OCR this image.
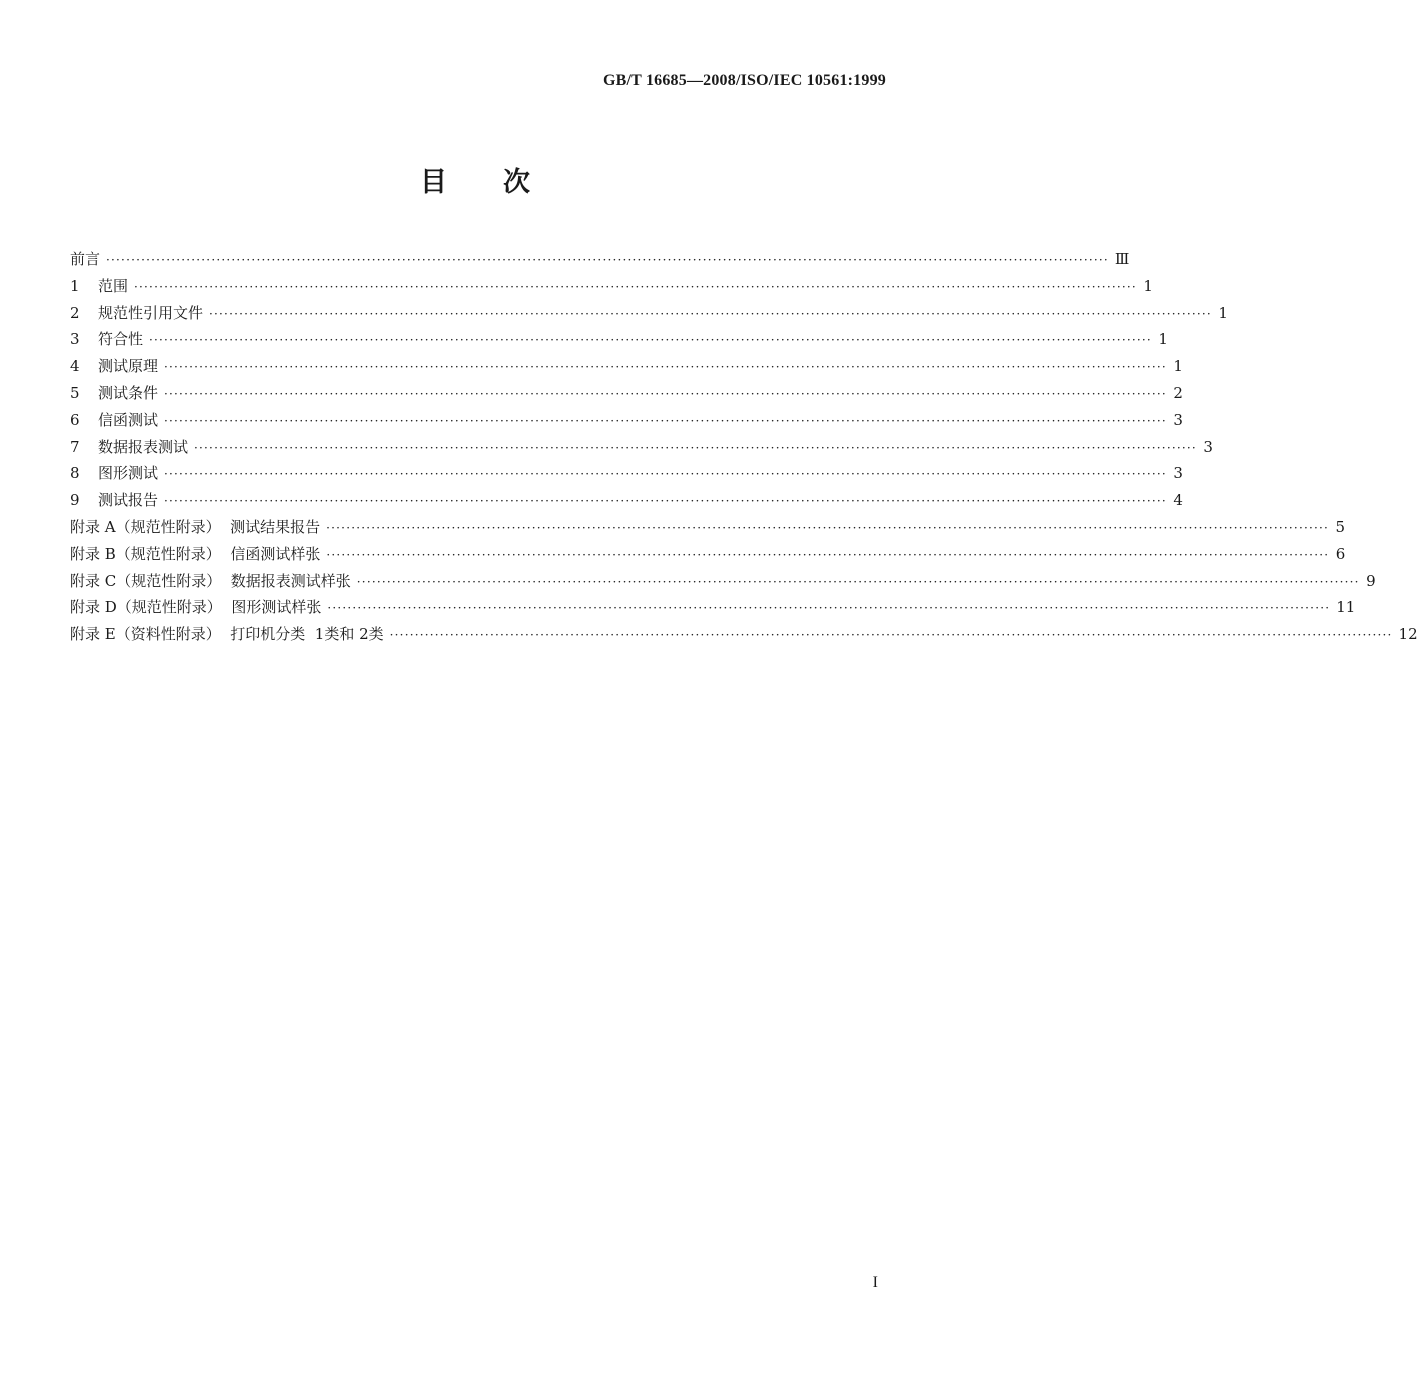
GB/T 16685—2008/ISO/IEC 10561:1999
目次
前言 ········································································································································································································ Ⅲ
1 范围 ········································································································································································································ 1
2 规范性引用文件 ········································································································································································································ 1
3 符合性 ········································································································································································································ 1
4 测试原理 ········································································································································································································ 1
5 测试条件 ········································································································································································································ 2
6 信函测试 ········································································································································································································ 3
7 数据报表测试 ········································································································································································································ 3
8 图形测试 ········································································································································································································ 3
9 测试报告 ········································································································································································································ 4
附录 A（规范性附录）  测试结果报告 ········································································································································································································ 5
附录 B（规范性附录）  信函测试样张 ········································································································································································································ 6
附录 C（规范性附录）  数据报表测试样张 ········································································································································································································ 9
附录 D（规范性附录）  图形测试样张 ········································································································································································································ 11
附录 E（资料性附录）  打印机分类  1类和 2类 ········································································································································································································ 12
I
